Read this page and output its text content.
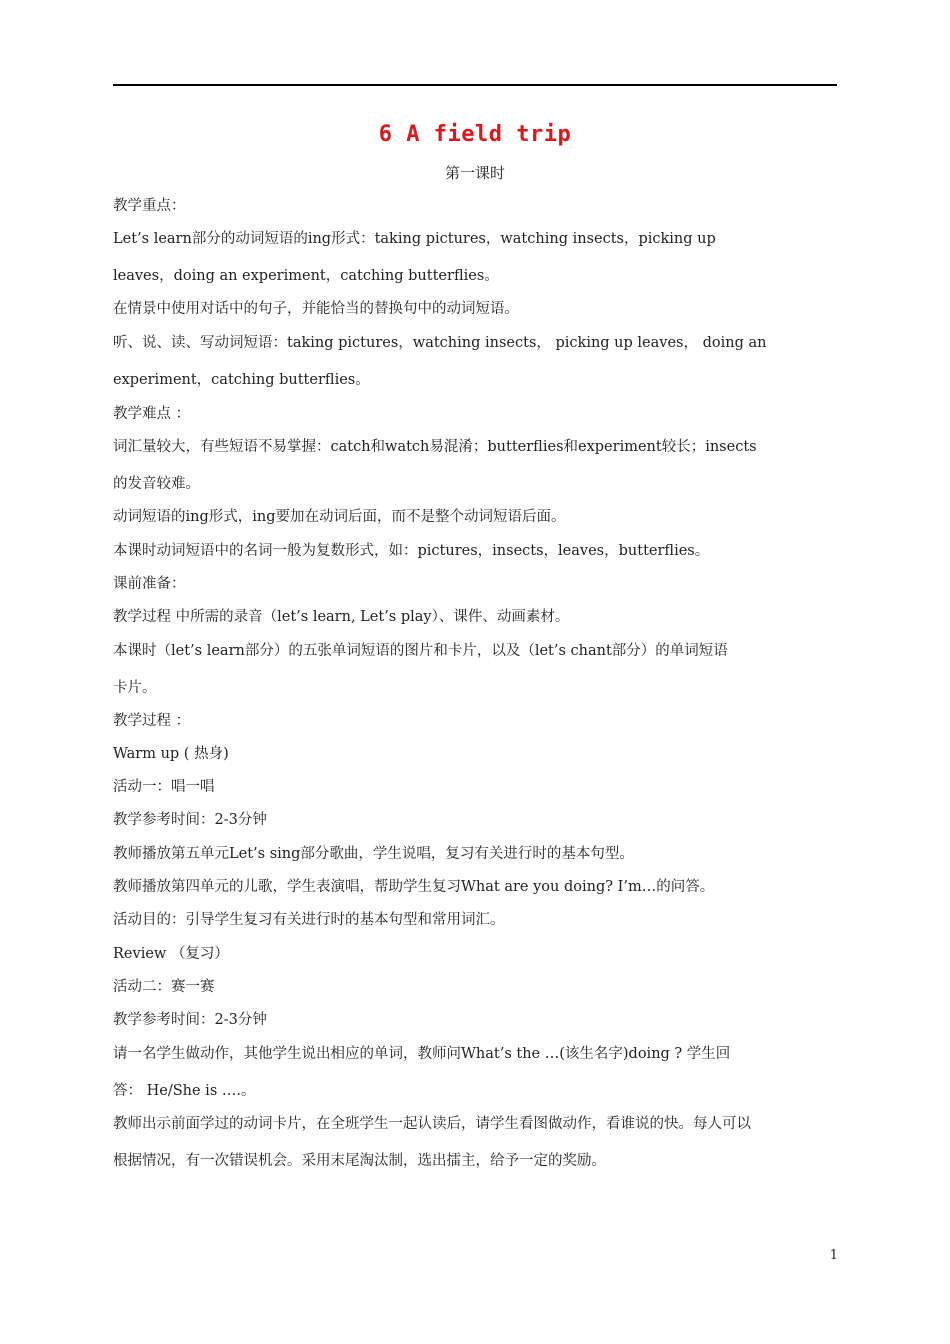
6 A field trip
第一课时
教学重点：
Let’s learn部分的动词短语的ing形式：taking pictures，watching insects，picking up
leaves，doing an experiment，catching butterflies。
在情景中使用对话中的句子，并能恰当的替换句中的动词短语。
听、说、读、写动词短语：taking pictures，watching insects， picking up leaves， doing an
experiment，catching butterflies。
教学难点 ：
词汇量较大，有些短语不易掌握：catch和watch易混淆；butterflies和experiment较长；insects
的发音较难。
动词短语的ing形式，ing要加在动词后面，而不是整个动词短语后面。
本课时动词短语中的名词一般为复数形式，如：pictures，insects，leaves，butterflies。
课前准备：
教学过程 中所需的录音（let’s learn, Let’s play）、课件、动画素材。
本课时（let’s learn部分）的五张单词短语的图片和卡片，以及（let’s chant部分）的单词短语
卡片。
教学过程 ：
Warm up ( 热身)
活动一：唱一唱
教学参考时间：2-3分钟
教师播放第五单元Let’s sing部分歌曲，学生说唱，复习有关进行时的基本句型。
教师播放第四单元的儿歌，学生表演唱，帮助学生复习What are you doing? I’m…的问答。
活动目的：引导学生复习有关进行时的基本句型和常用词汇。
Review （复习）
活动二：赛一赛
教学参考时间：2-3分钟
请一名学生做动作，其他学生说出相应的单词，教师问What’s the …(该生名字)doing ? 学生回
答： He/She is ….。
教师出示前面学过的动词卡片，在全班学生一起认读后，请学生看图做动作，看谁说的快。每人可以
根据情况，有一次错误机会。采用末尾淘汰制，选出擂主，给予一定的奖励。
1
